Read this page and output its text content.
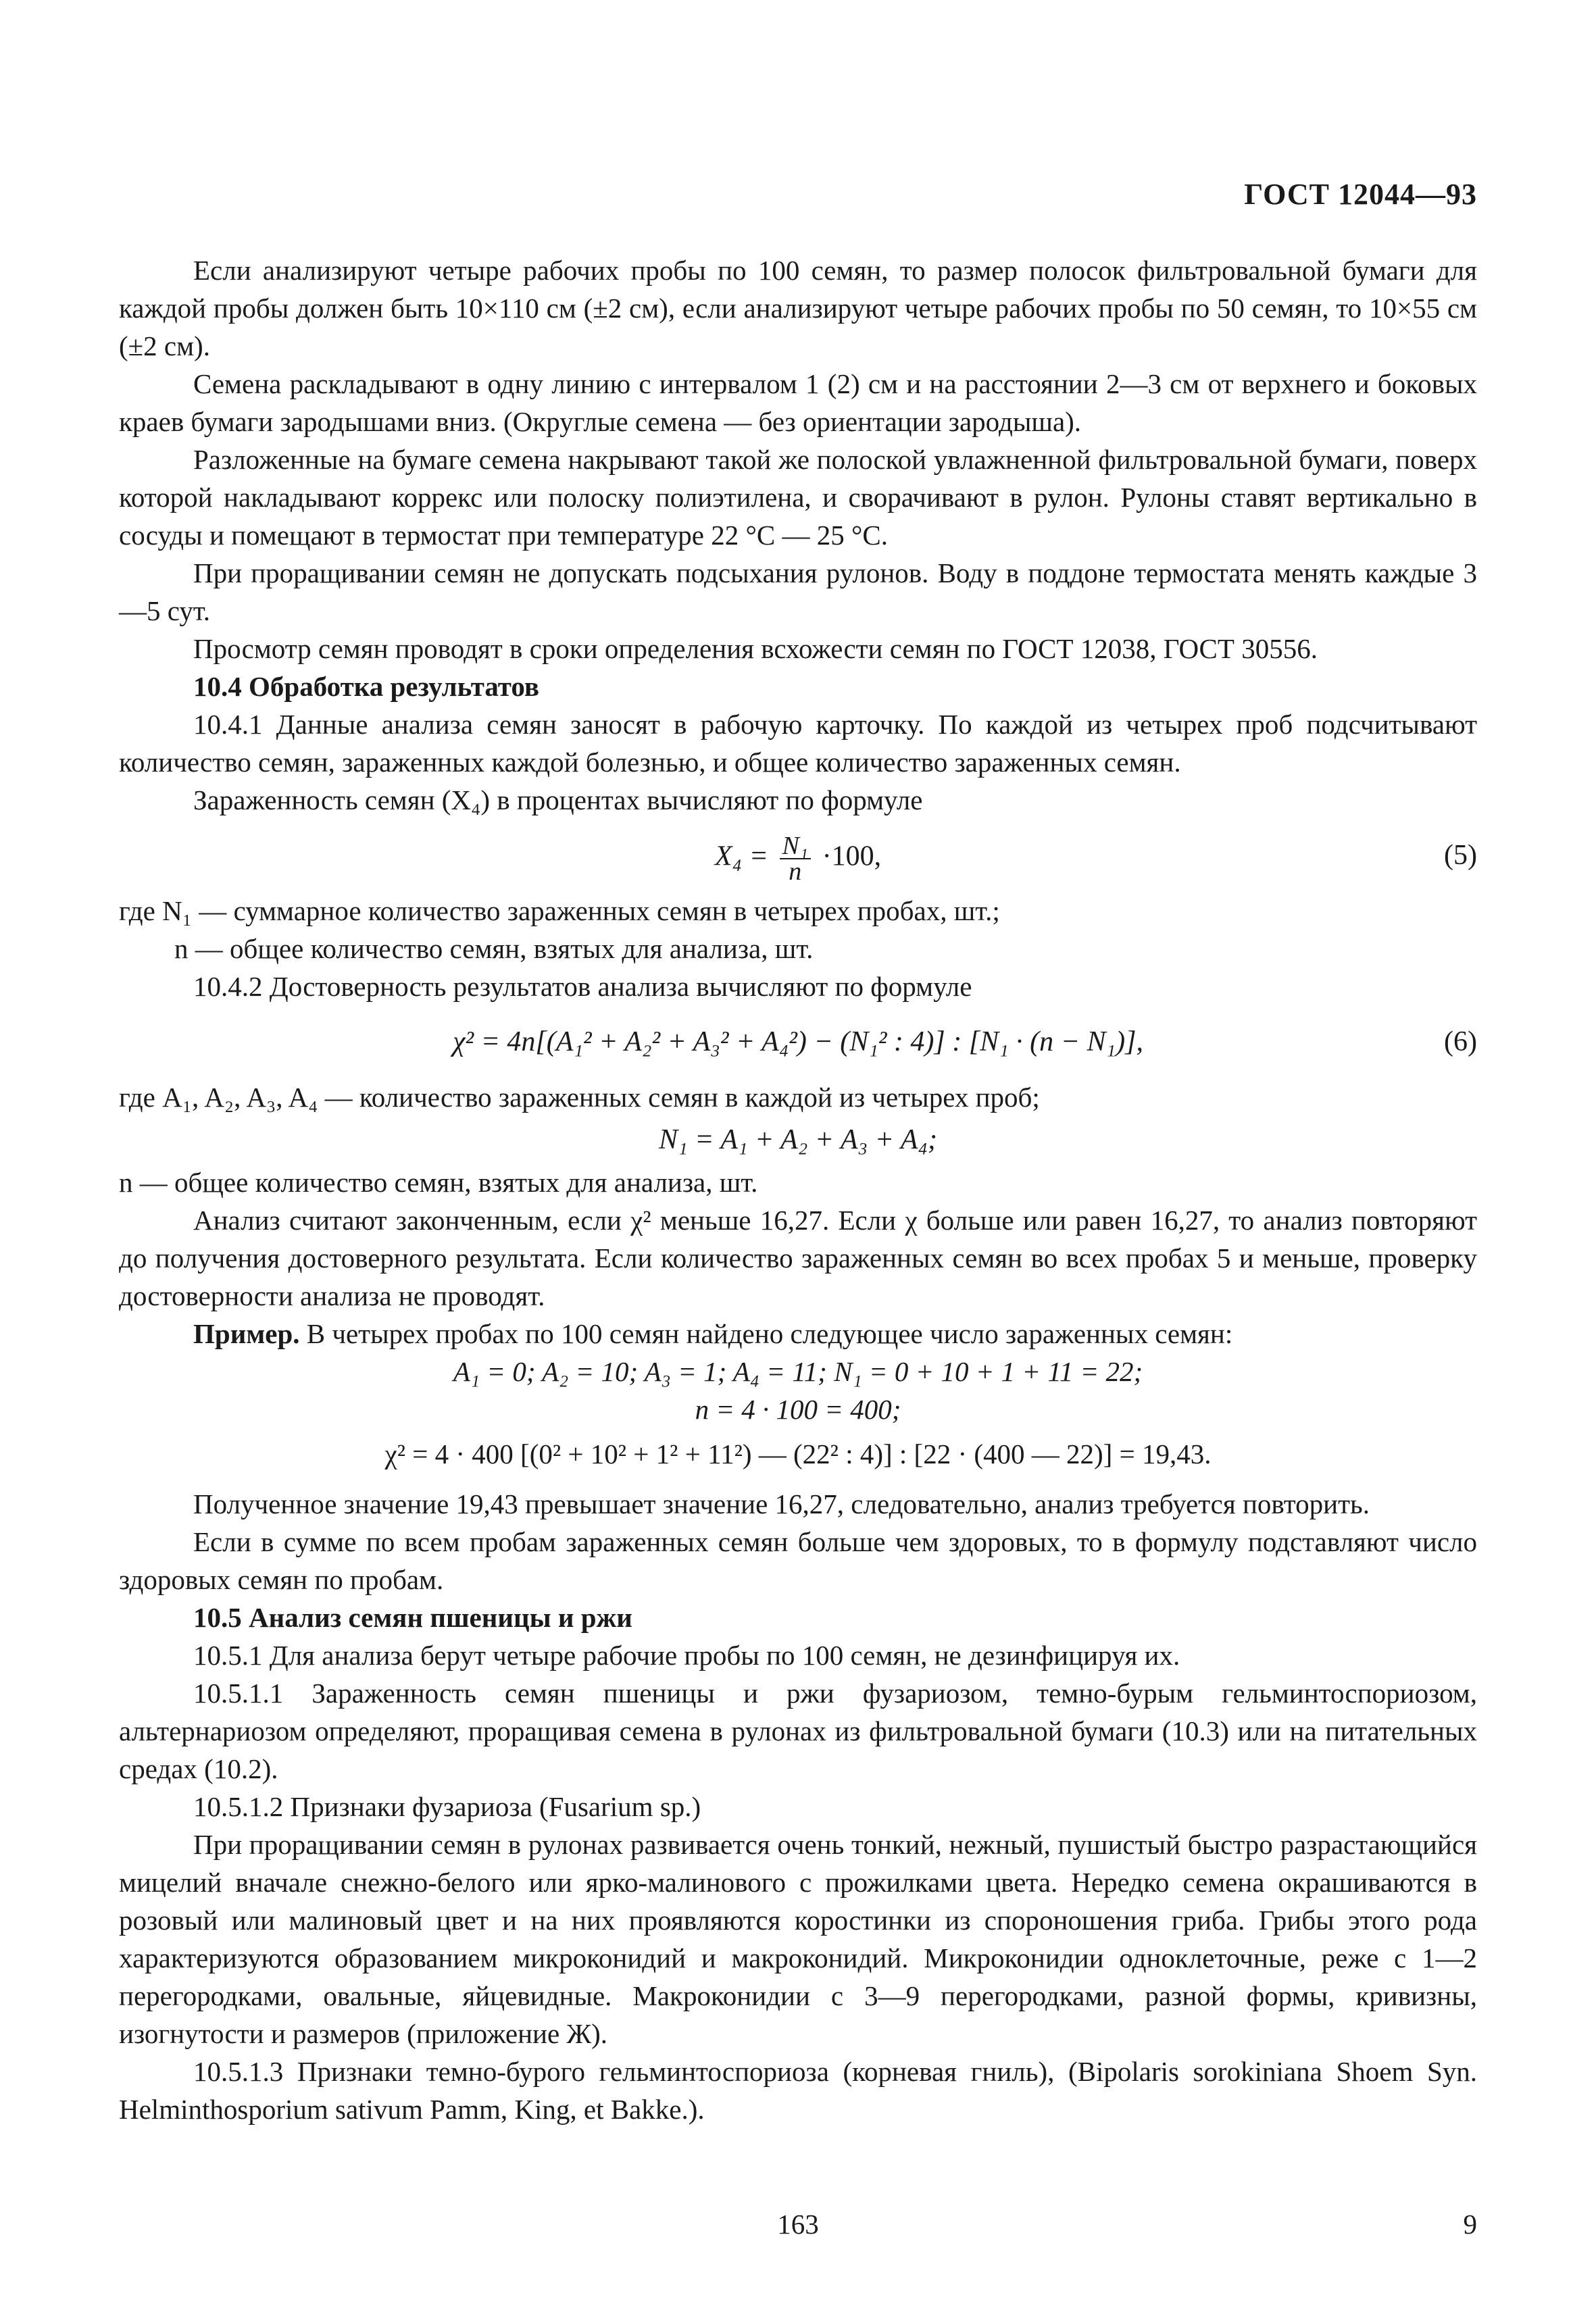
ГОСТ 12044—93

Если анализируют четыре рабочих пробы по 100 семян, то размер полосок фильтровальной бумаги для каждой пробы должен быть 10×110 см (±2 см), если анализируют четыре рабочих пробы по 50 семян, то 10×55 см (±2 см).

Семена раскладывают в одну линию с интервалом 1 (2) см и на расстоянии 2—3 см от верхнего и боковых краев бумаги зародышами вниз. (Округлые семена — без ориентации зародыша).

Разложенные на бумаге семена накрывают такой же полоской увлажненной фильтровальной бумаги, поверх которой накладывают коррекс или полоску полиэтилена, и сворачивают в рулон. Рулоны ставят вертикально в сосуды и помещают в термостат при температуре 22 °С — 25 °С.

При проращивании семян не допускать подсыхания рулонов. Воду в поддоне термостата менять каждые 3—5 сут.

Просмотр семян проводят в сроки определения всхожести семян по ГОСТ 12038, ГОСТ 30556.

10.4 Обработка результатов

10.4.1 Данные анализа семян заносят в рабочую карточку. По каждой из четырех проб подсчитывают количество семян, зараженных каждой болезнью, и общее количество зараженных семян.

Зараженность семян (X₄) в процентах вычисляют по формуле

$X_4 = \frac{\text{N₁}}{n} \cdot 100$,	(5)

где N₁ — суммарное количество зараженных семян в четырех пробах, шт.;

n — общее количество семян, взятых для анализа, шт.

10.4.2 Достоверность результатов анализа вычисляют по формуле

χ² = 4n[(A₁² + A₂² + A₃² + A₄²) − (N₁² : 4)] : [N₁ · (n − N₁)],	(6)

где A₁, A₂, A₃, A₄ — количество зараженных семян в каждой из четырех проб;

N₁ = A₁ + A₂ + A₃ + A₄;

n — общее количество семян, взятых для анализа, шт.

Анализ считают законченным, если χ² меньше 16,27. Если χ больше или равен 16,27, то анализ повторяют до получения достоверного результата. Если количество зараженных семян во всех пробах 5 и меньше, проверку достоверности анализа не проводят.

Пример. В четырех пробах по 100 семян найдено следующее число зараженных семян:

A₁ = 0; A₂ = 10; A₃ = 1; A₄ = 11; N₁ = 0 + 10 + 1 + 11 = 22;

n = 4 · 100 = 400;

χ² = 4 · 400 [(0² + 10² + 1² + 11²) — (22² : 4)] : [22 · (400 — 22)] = 19,43.

Полученное значение 19,43 превышает значение 16,27, следовательно, анализ требуется повторить.

Если в сумме по всем пробам зараженных семян больше чем здоровых, то в формулу подставляют число здоровых семян по пробам.

10.5 Анализ семян пшеницы и ржи

10.5.1 Для анализа берут четыре рабочие пробы по 100 семян, не дезинфицируя их.

10.5.1.1 Зараженность семян пшеницы и ржи фузариозом, темно-бурым гельминтоспориозом, альтернариозом определяют, проращивая семена в рулонах из фильтровальной бумаги (10.3) или на питательных средах (10.2).

10.5.1.2 Признаки фузариоза (Fusarium sp.)

При проращивании семян в рулонах развивается очень тонкий, нежный, пушистый быстро разрастающийся мицелий вначале снежно-белого или ярко-малинового с прожилками цвета. Нередко семена окрашиваются в розовый или малиновый цвет и на них проявляются коростинки из спороношения гриба. Грибы этого рода характеризуются образованием микроконидий и макроконидий. Микроконидии одноклеточные, реже с 1—2 перегородками, овальные, яйцевидные. Макроконидии с 3—9 перегородками, разной формы, кривизны, изогнутости и размеров (приложение Ж).

10.5.1.3 Признаки темно-бурого гельминтоспориоза (корневая гниль), (Bipolaris sorokiniana Shoem Syn. Helminthosporium sativum Pamm, King, et Bakke.).

163	9
